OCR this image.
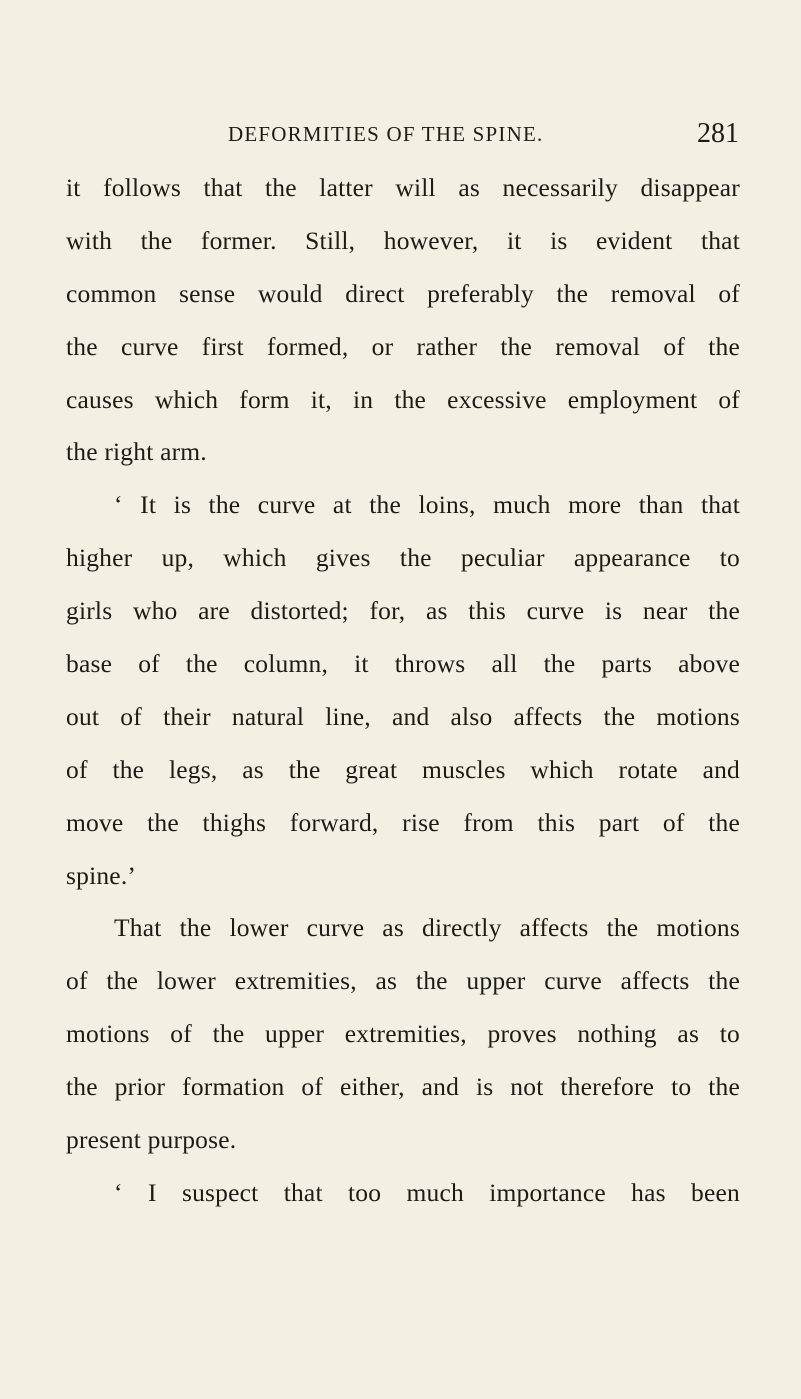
DEFORMITIES OF THE SPINE.	281
it follows that the latter will as necessarily disappear
with the former. Still, however, it is evident that
common sense would direct preferably the removal of
the curve first formed, or rather the removal of the
causes which form it, in the excessive employment of
the right arm.
‘ It is the curve at the loins, much more than that
higher up, which gives the peculiar appearance to
girls who are distorted; for, as this curve is near the
base of the column, it throws all the parts above
out of their natural line, and also affects the motions
of the legs, as the great muscles which rotate and
move the thighs forward, rise from this part of the
spine.’
That the lower curve as directly affects the motions
of the lower extremities, as the upper curve affects the
motions of the upper extremities, proves nothing as to
the prior formation of either, and is not therefore to the
present purpose.
‘ I suspect that too much importance has been
